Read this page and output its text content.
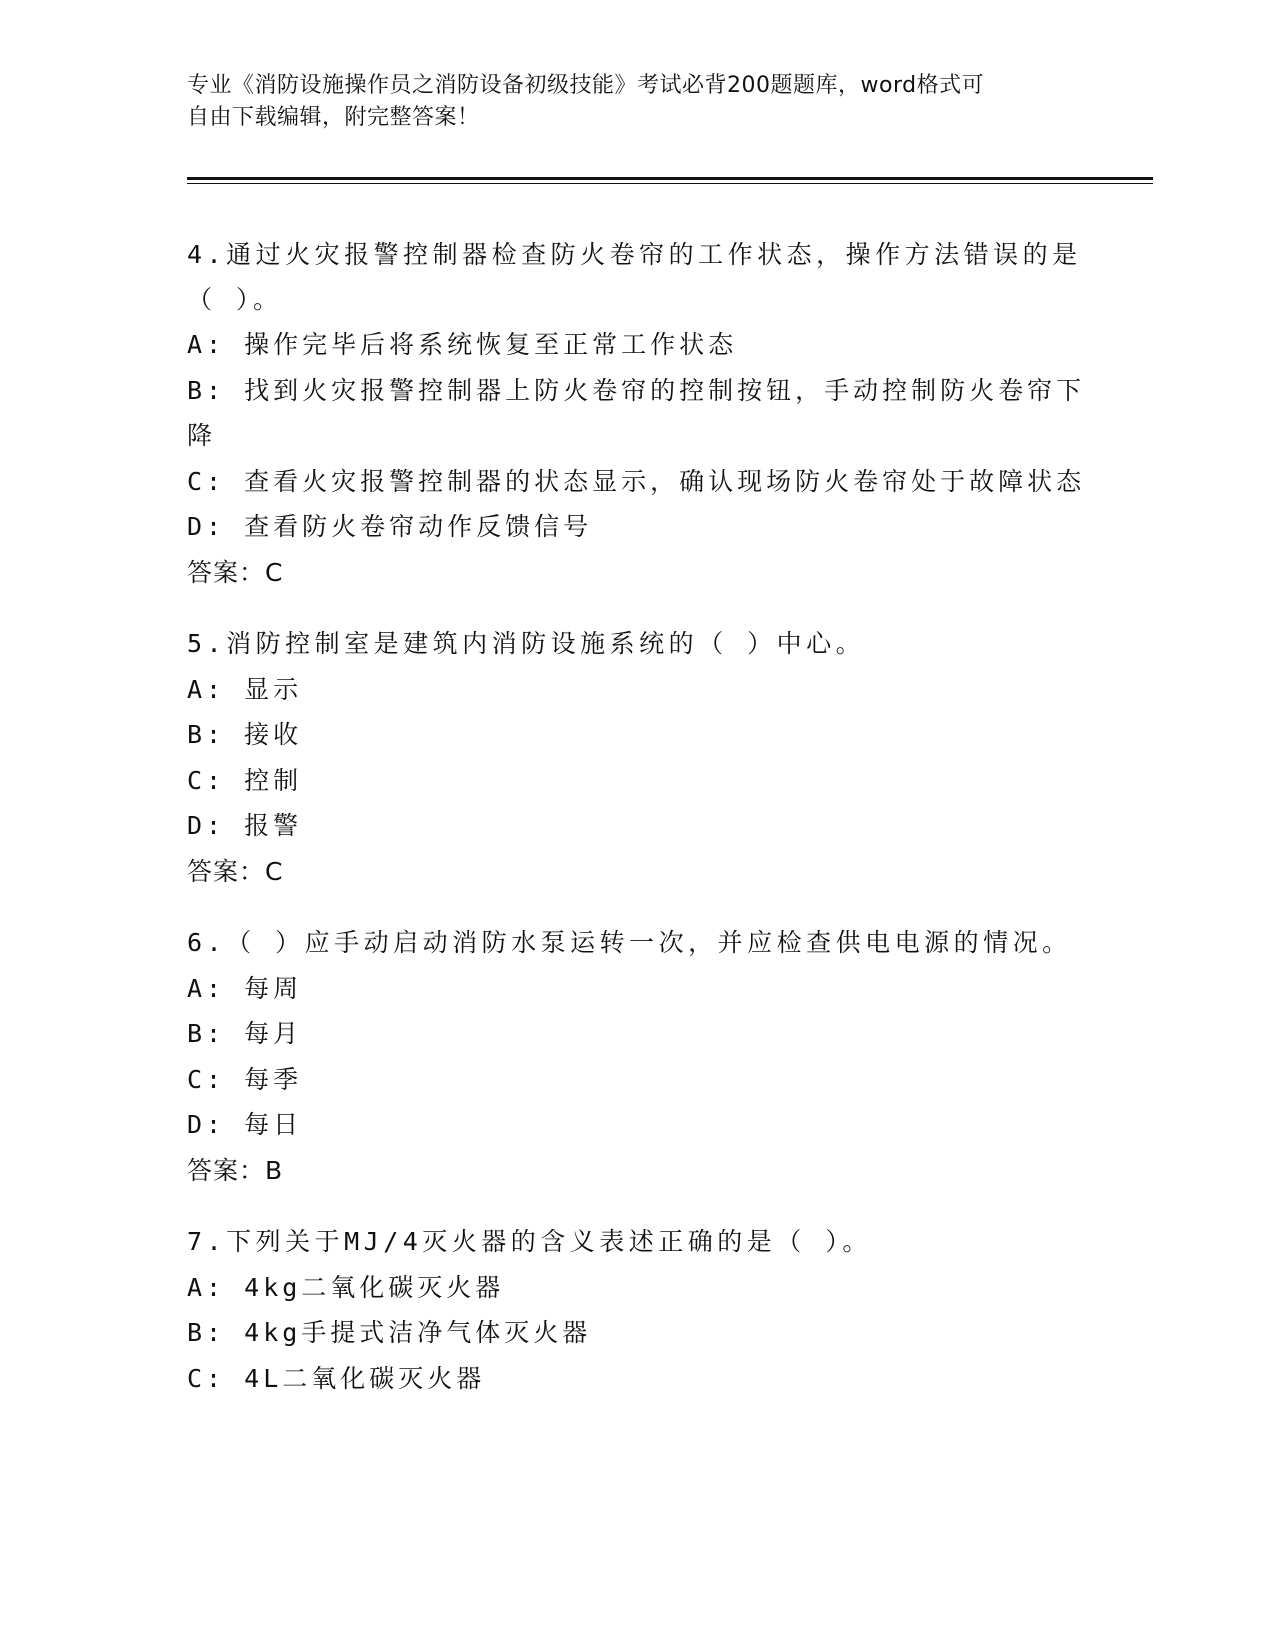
专业《消防设施操作员之消防设备初级技能》考试必背200题题库，word格式可
自由下载编辑，附完整答案！
4.通过火灾报警控制器检查防火卷帘的工作状态，操作方法错误的是
（ ）。
A: 操作完毕后将系统恢复至正常工作状态
B: 找到火灾报警控制器上防火卷帘的控制按钮，手动控制防火卷帘下
降
C: 查看火灾报警控制器的状态显示，确认现场防火卷帘处于故障状态
D: 查看防火卷帘动作反馈信号
答案：C
5.消防控制室是建筑内消防设施系统的（ ）中心。
A: 显示
B: 接收
C: 控制
D: 报警
答案：C
6.（ ）应手动启动消防水泵运转一次，并应检查供电电源的情况。
A: 每周
B: 每月
C: 每季
D: 每日
答案：B
7.下列关于MJ/4灭火器的含义表述正确的是（ ）。
A: 4kg二氧化碳灭火器
B: 4kg手提式洁净气体灭火器
C: 4L二氧化碳灭火器
